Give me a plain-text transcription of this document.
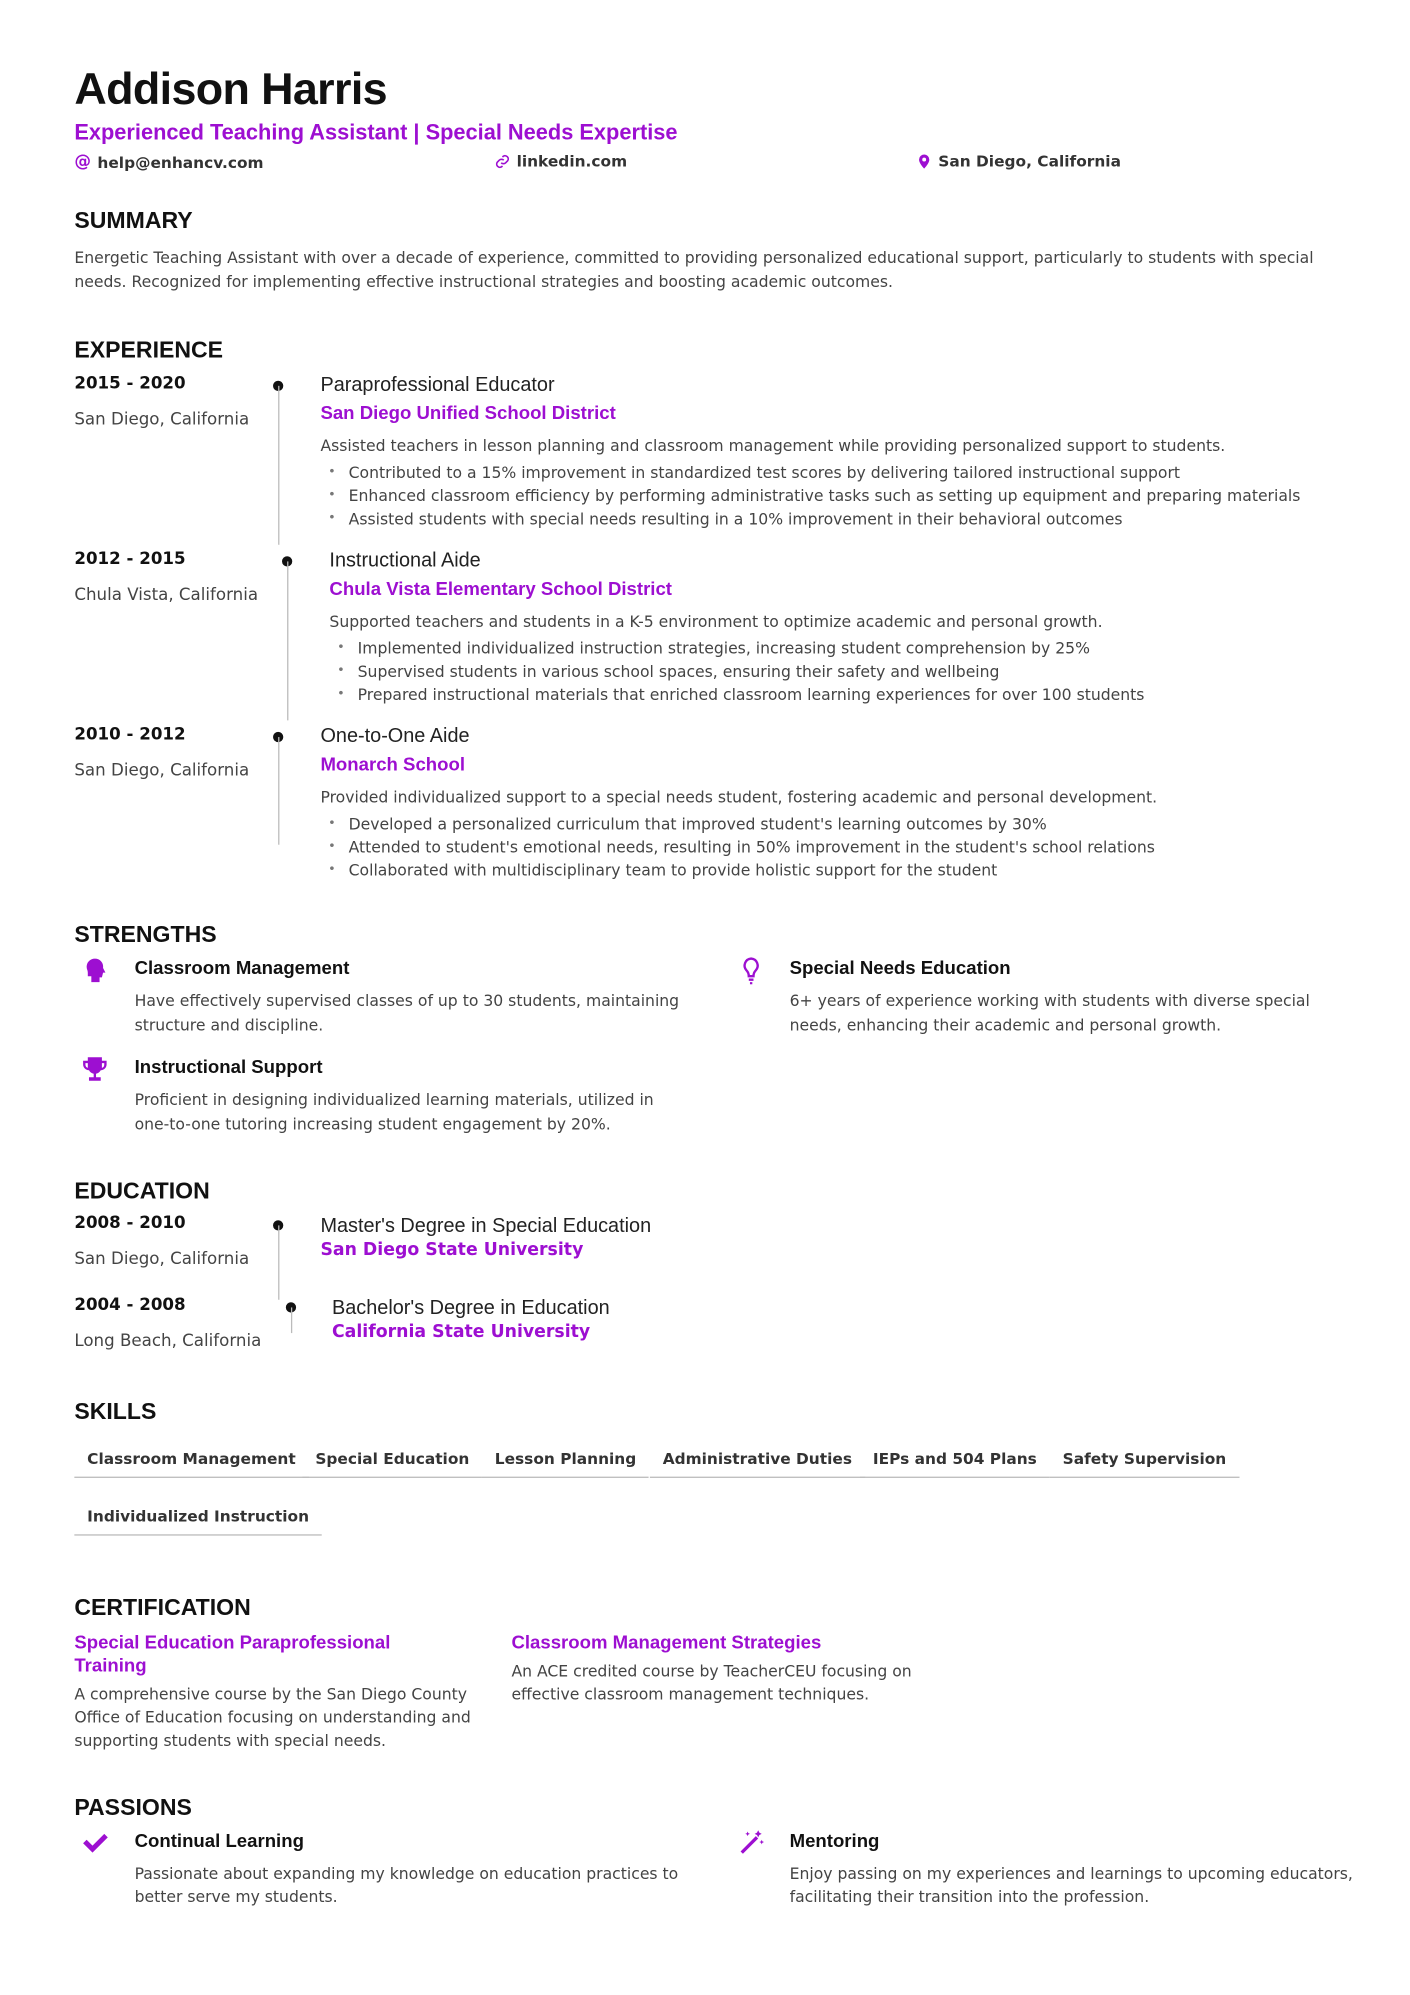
Addison Harris
Experienced Teaching Assistant | Special Needs Expertise
@ help@enhancv.com	linkedin.com	San Diego, California
SUMMARY
Energetic Teaching Assistant with over a decade of experience, committed to providing personalized educational support, particularly to students with special needs. Recognized for implementing effective instructional strategies and boosting academic outcomes.
EXPERIENCE
STRENGTHS
EDUCATION
SKILLS
CERTIFICATION
PASSIONS
2015 - 2020
San Diego, California
Paraprofessional Educator
San Diego Unified School District
Assisted teachers in lesson planning and classroom management while providing personalized support to students.
• Contributed to a 15% improvement in standardized test scores by delivering tailored instructional support
• Enhanced classroom efficiency by performing administrative tasks such as setting up equipment and preparing materials
• Assisted students with special needs resulting in a 10% improvement in their behavioral outcomes
2012 - 2015
Chula Vista, California
Instructional Aide
Chula Vista Elementary School District
Supported teachers and students in a K-5 environment to optimize academic and personal growth.
• Implemented individualized instruction strategies, increasing student comprehension by 25%
• Supervised students in various school spaces, ensuring their safety and wellbeing
• Prepared instructional materials that enriched classroom learning experiences for over 100 students
2010 - 2012
San Diego, California
One-to-One Aide
Monarch School
Provided individualized support to a special needs student, fostering academic and personal development.
• Developed a personalized curriculum that improved student's learning outcomes by 30%
• Attended to student's emotional needs, resulting in 50% improvement in the student's school relations
• Collaborated with multidisciplinary team to provide holistic support for the student
Classroom Management
Have effectively supervised classes of up to 30 students, maintaining structure and discipline.
Special Needs Education
6+ years of experience working with students with diverse special needs, enhancing their academic and personal growth.
Instructional Support
Proficient in designing individualized learning materials, utilized in one-to-one tutoring increasing student engagement by 20%.
2008 - 2010
San Diego, California
Master's Degree in Special Education
San Diego State University
2004 - 2008
Long Beach, California
Bachelor's Degree in Education
California State University
Classroom Management	Special Education	Lesson Planning	Administrative Duties	IEPs and 504 Plans	Safety Supervision
Individualized Instruction
Special Education Paraprofessional Training
A comprehensive course by the San Diego County Office of Education focusing on understanding and supporting students with special needs.
Classroom Management Strategies
An ACE credited course by TeacherCEU focusing on effective classroom management techniques.
Continual Learning
Passionate about expanding my knowledge on education practices to better serve my students.
Mentoring
Enjoy passing on my experiences and learnings to upcoming educators, facilitating their transition into the profession.
